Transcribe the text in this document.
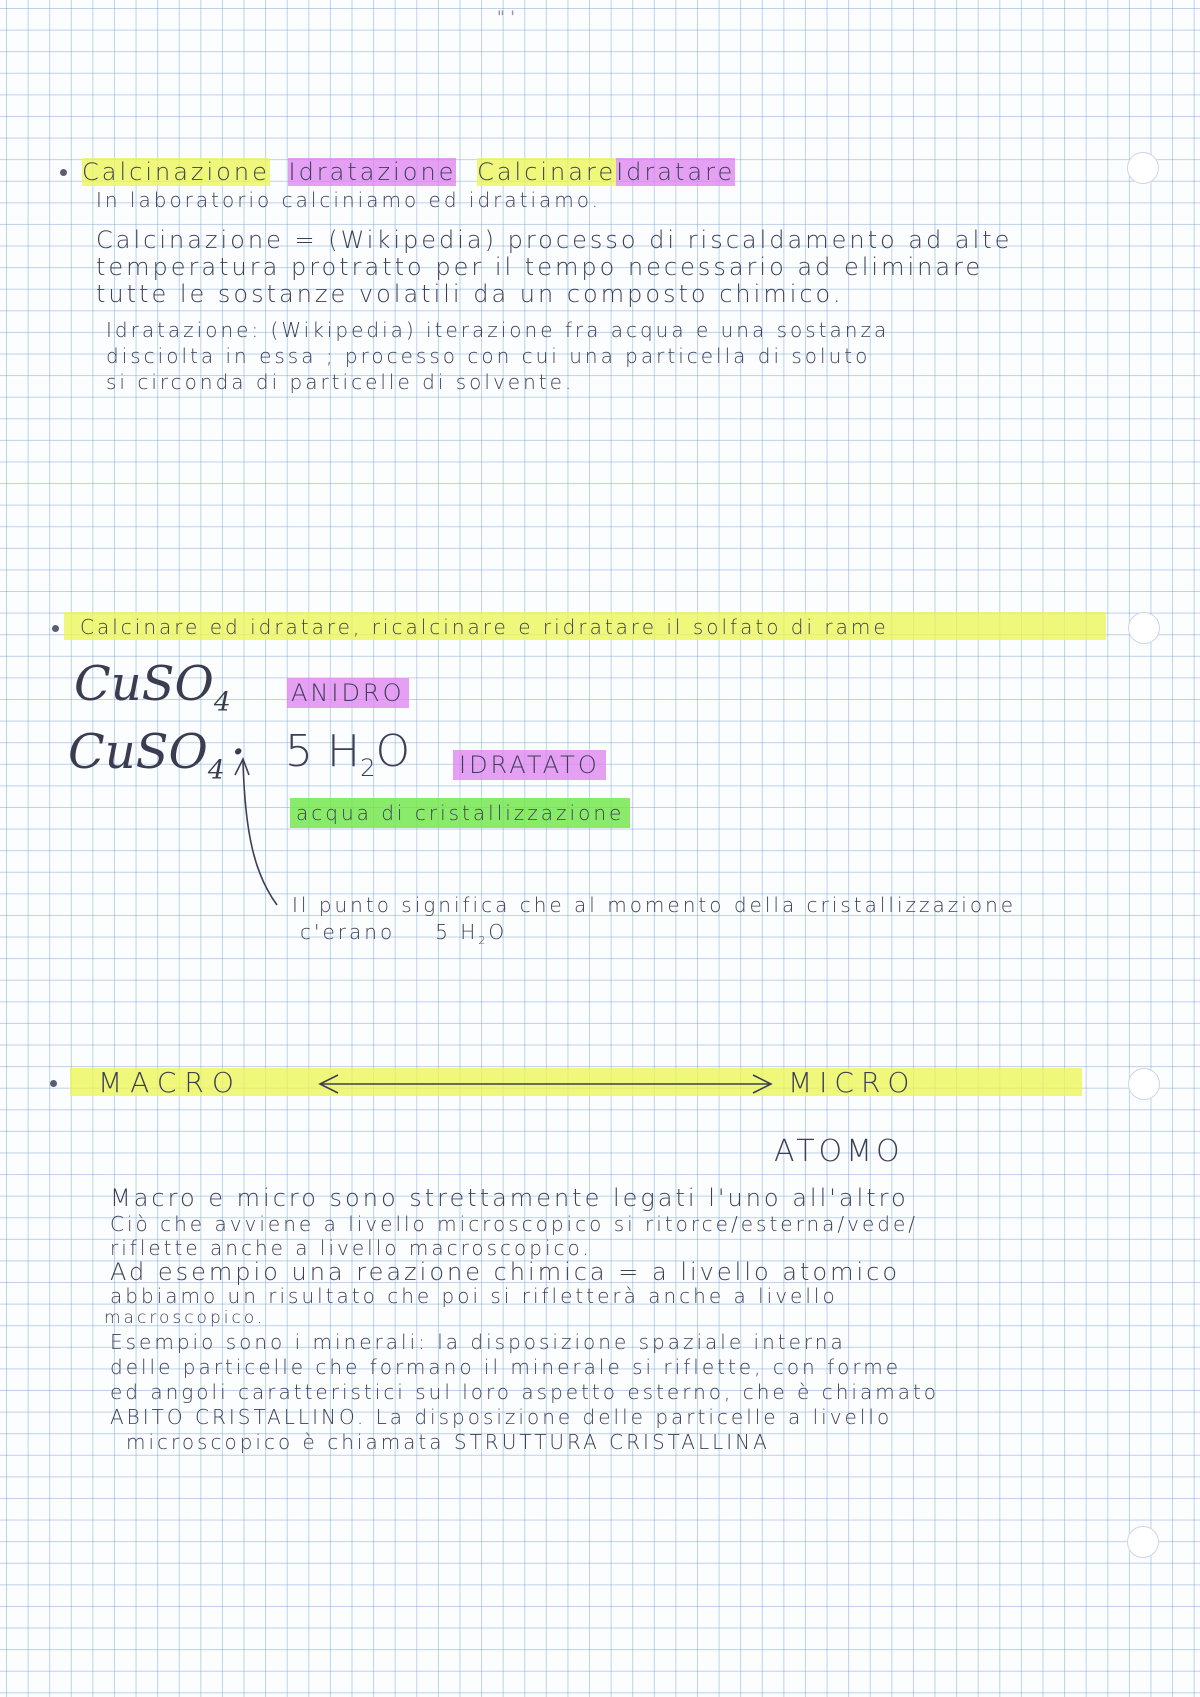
" '
Calcinazione Idratazione CalcinareIdratare
In laboratorio calciniamo ed idratiamo.
Calcinazione = (Wikipedia) processo di riscaldamento ad alte
temperatura protratto per il tempo necessario ad eliminare
tutte le sostanze volatili da un composto chimico.
Idratazione: (Wikipedia) iterazione fra acqua e una sostanza
disciolta in essa ; processo con cui una particella di soluto
si circonda di particelle di solvente.
Calcinare ed idratare, ricalcinare e ridratare il solfato di rame
CuSO$_4$	ANIDRO
CuSO$_4$ · 5 $H_2O$ IDRATATO
acqua di cristallizzazione
Il punto significa che al momento della cristallizzazione
c'erano 5 $H_2O$
MACRO	MICRO
ATOMO
Macro e micro sono strettamente legati l'uno all'altro
Ciò che avviene a livello microscopico si ritorce/esterna/vede/
riflette anche a livello macroscopico.
Ad esempio una reazione chimica = a livello atomico
abbiamo un risultato che poi si rifletterà anche a livello
macroscopico.
Esempio sono i minerali: la disposizione spaziale interna
delle particelle che formano il minerale si riflette, con forme
ed angoli caratteristici sul loro aspetto esterno, che è chiamato
ABITO CRISTALLINO. La disposizione delle particelle a livello
microscopico è chiamata STRUTTURA CRISTALLINA
